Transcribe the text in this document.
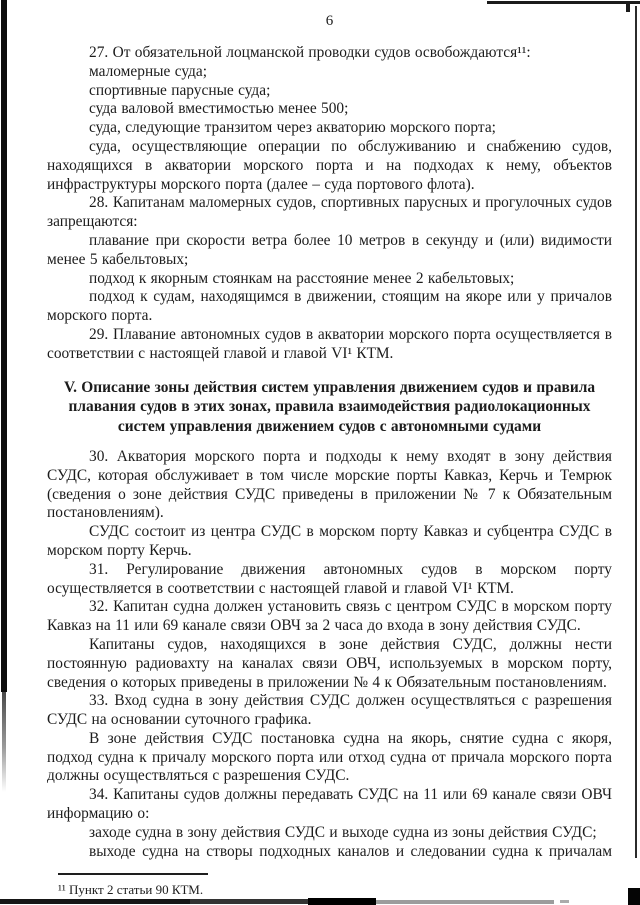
6

27. От обязательной лоцманской проводки судов освобождаются¹¹:

маломерные суда;

спортивные парусные суда;

суда валовой вместимостью менее 500;

суда, следующие транзитом через акваторию морского порта;

суда, осуществляющие операции по обслуживанию и снабжению судов, находящихся в акватории морского порта и на подходах к нему, объектов инфраструктуры морского порта (далее – суда портового флота).

28. Капитанам маломерных судов, спортивных парусных и прогулочных судов запрещаются:

плавание при скорости ветра более 10 метров в секунду и (или) видимости менее 5 кабельтовых;

подход к якорным стоянкам на расстояние менее 2 кабельтовых;

подход к судам, находящимся в движении, стоящим на якоре или у причалов морского порта.

29. Плавание автономных судов в акватории морского порта осуществляется в соответствии с настоящей главой и главой VI¹ КТМ.

V. Описание зоны действия систем управления движением судов и правила плавания судов в этих зонах, правила взаимодействия радиолокационных систем управления движением судов с автономными судами

30. Акватория морского порта и подходы к нему входят в зону действия СУДС, которая обслуживает в том числе морские порты Кавказ, Керчь и Темрюк (сведения о зоне действия СУДС приведены в приложении № 7 к Обязательным постановлениям).

СУДС состоит из центра СУДС в морском порту Кавказ и субцентра СУДС в морском порту Керчь.

31. Регулирование движения автономных судов в морском порту осуществляется в соответствии с настоящей главой и главой VI¹ КТМ.

32. Капитан судна должен установить связь с центром СУДС в морском порту Кавказ на 11 или 69 канале связи ОВЧ за 2 часа до входа в зону действия СУДС.

Капитаны судов, находящихся в зоне действия СУДС, должны нести постоянную радиовахту на каналах связи ОВЧ, используемых в морском порту, сведения о которых приведены в приложении № 4 к Обязательным постановлениям.

33. Вход судна в зону действия СУДС должен осуществляться с разрешения СУДС на основании суточного графика.

В зоне действия СУДС постановка судна на якорь, снятие судна с якоря, подход судна к причалу морского порта или отход судна от причала морского порта должны осуществляться с разрешения СУДС.

34. Капитаны судов должны передавать СУДС на 11 или 69 канале связи ОВЧ информацию о:

заходе судна в зону действия СУДС и выходе судна из зоны действия СУДС;

выходе судна на створы подходных каналов и следовании судна к причалам

¹¹ Пункт 2 статьи 90 КТМ.
